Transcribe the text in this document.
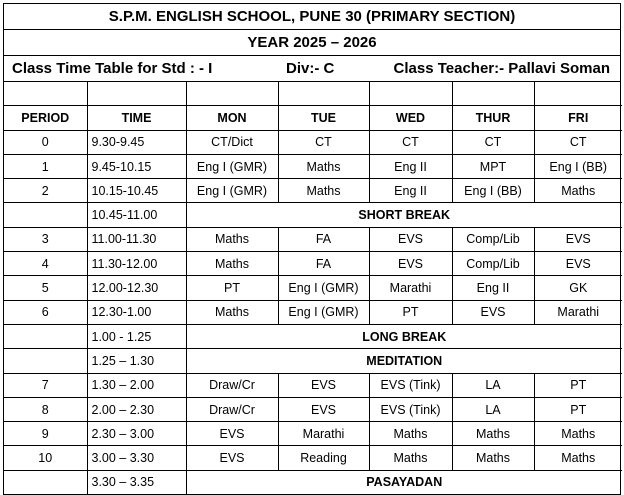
S.P.M. ENGLISH SCHOOL, PUNE 30 (PRIMARY SECTION)
YEAR 2025 – 2026
Class Time Table for Std : - I	Div:- C	Class Teacher:- Pallavi Soman

PERIOD	TIME	MON	TUE	WED	THUR	FRI
0	9.30-9.45	CT/Dict	CT	CT	CT	CT
1	9.45-10.15	Eng I (GMR)	Maths	Eng II	MPT	Eng I (BB)
2	10.15-10.45	Eng I (GMR)	Maths	Eng II	Eng I (BB)	Maths
	10.45-11.00	SHORT BREAK				
3	11.00-11.30	Maths	FA	EVS	Comp/Lib	EVS
4	11.30-12.00	Maths	FA	EVS	Comp/Lib	EVS
5	12.00-12.30	PT	Eng I (GMR)	Marathi	Eng II	GK
6	12.30-1.00	Maths	Eng I (GMR)	PT	EVS	Marathi
	1.00 - 1.25	LONG BREAK				
	1.25 – 1.30	MEDITATION				
7	1.30 – 2.00	Draw/Cr	EVS	EVS (Tink)	LA	PT
8	2.00 – 2.30	Draw/Cr	EVS	EVS (Tink)	LA	PT
9	2.30 – 3.00	EVS	Marathi	Maths	Maths	Maths
10	3.00 – 3.30	EVS	Reading	Maths	Maths	Maths
	3.30 – 3.35	PASAYADAN				
